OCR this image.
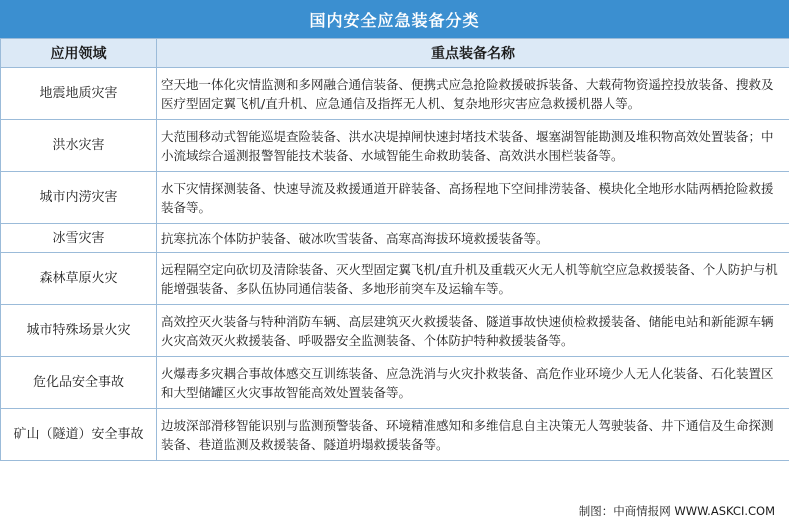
国内安全应急装备分类
应用领域	重点装备名称
地震地质灾害	空天地一体化灾情监测和多网融合通信装备、便携式应急抢险救援破拆装备、大载荷物资遥控投放装备、搜救及医疗型固定翼飞机/直升机、应急通信及指挥无人机、复杂地形灾害应急救援机器人等。
洪水灾害	大范围移动式智能巡堤查险装备、洪水决堤掉闸快速封堵技术装备、堰塞湖智能勘测及堆积物高效处置装备；中小流域综合遥测报警智能技术装备、水域智能生命救助装备、高效洪水围栏装备等。
城市内涝灾害	水下灾情探测装备、快速导流及救援通道开辟装备、高扬程地下空间排涝装备、模块化全地形水陆两栖抢险救援装备等。
冰雪灾害	抗寒抗冻个体防护装备、破冰吹雪装备、高寒高海拔环境救援装备等。
森林草原火灾	远程隔空定向砍切及清除装备、灭火型固定翼飞机/直升机及重载灭火无人机等航空应急救援装备、个人防护与机能增强装备、多队伍协同通信装备、多地形前突车及运输车等。
城市特殊场景火灾	高效控灭火装备与特种消防车辆、高层建筑灭火救援装备、隧道事故快速侦检救援装备、储能电站和新能源车辆火灾高效灭火救援装备、呼吸器安全监测装备、个体防护特种救援装备等。
危化品安全事故	火爆毒多灾耦合事故体感交互训练装备、应急洗消与火灾扑救装备、高危作业环境少人无人化装备、石化装置区和大型储罐区火灾事故智能高效处置装备等。
矿山（隧道）安全事故	边坡深部滑移智能识别与监测预警装备、环境精准感知和多维信息自主决策无人驾驶装备、井下通信及生命探测装备、巷道监测及救援装备、隧道坍塌救援装备等。
制图：中商情报网 WWW.ASKCI.COM
